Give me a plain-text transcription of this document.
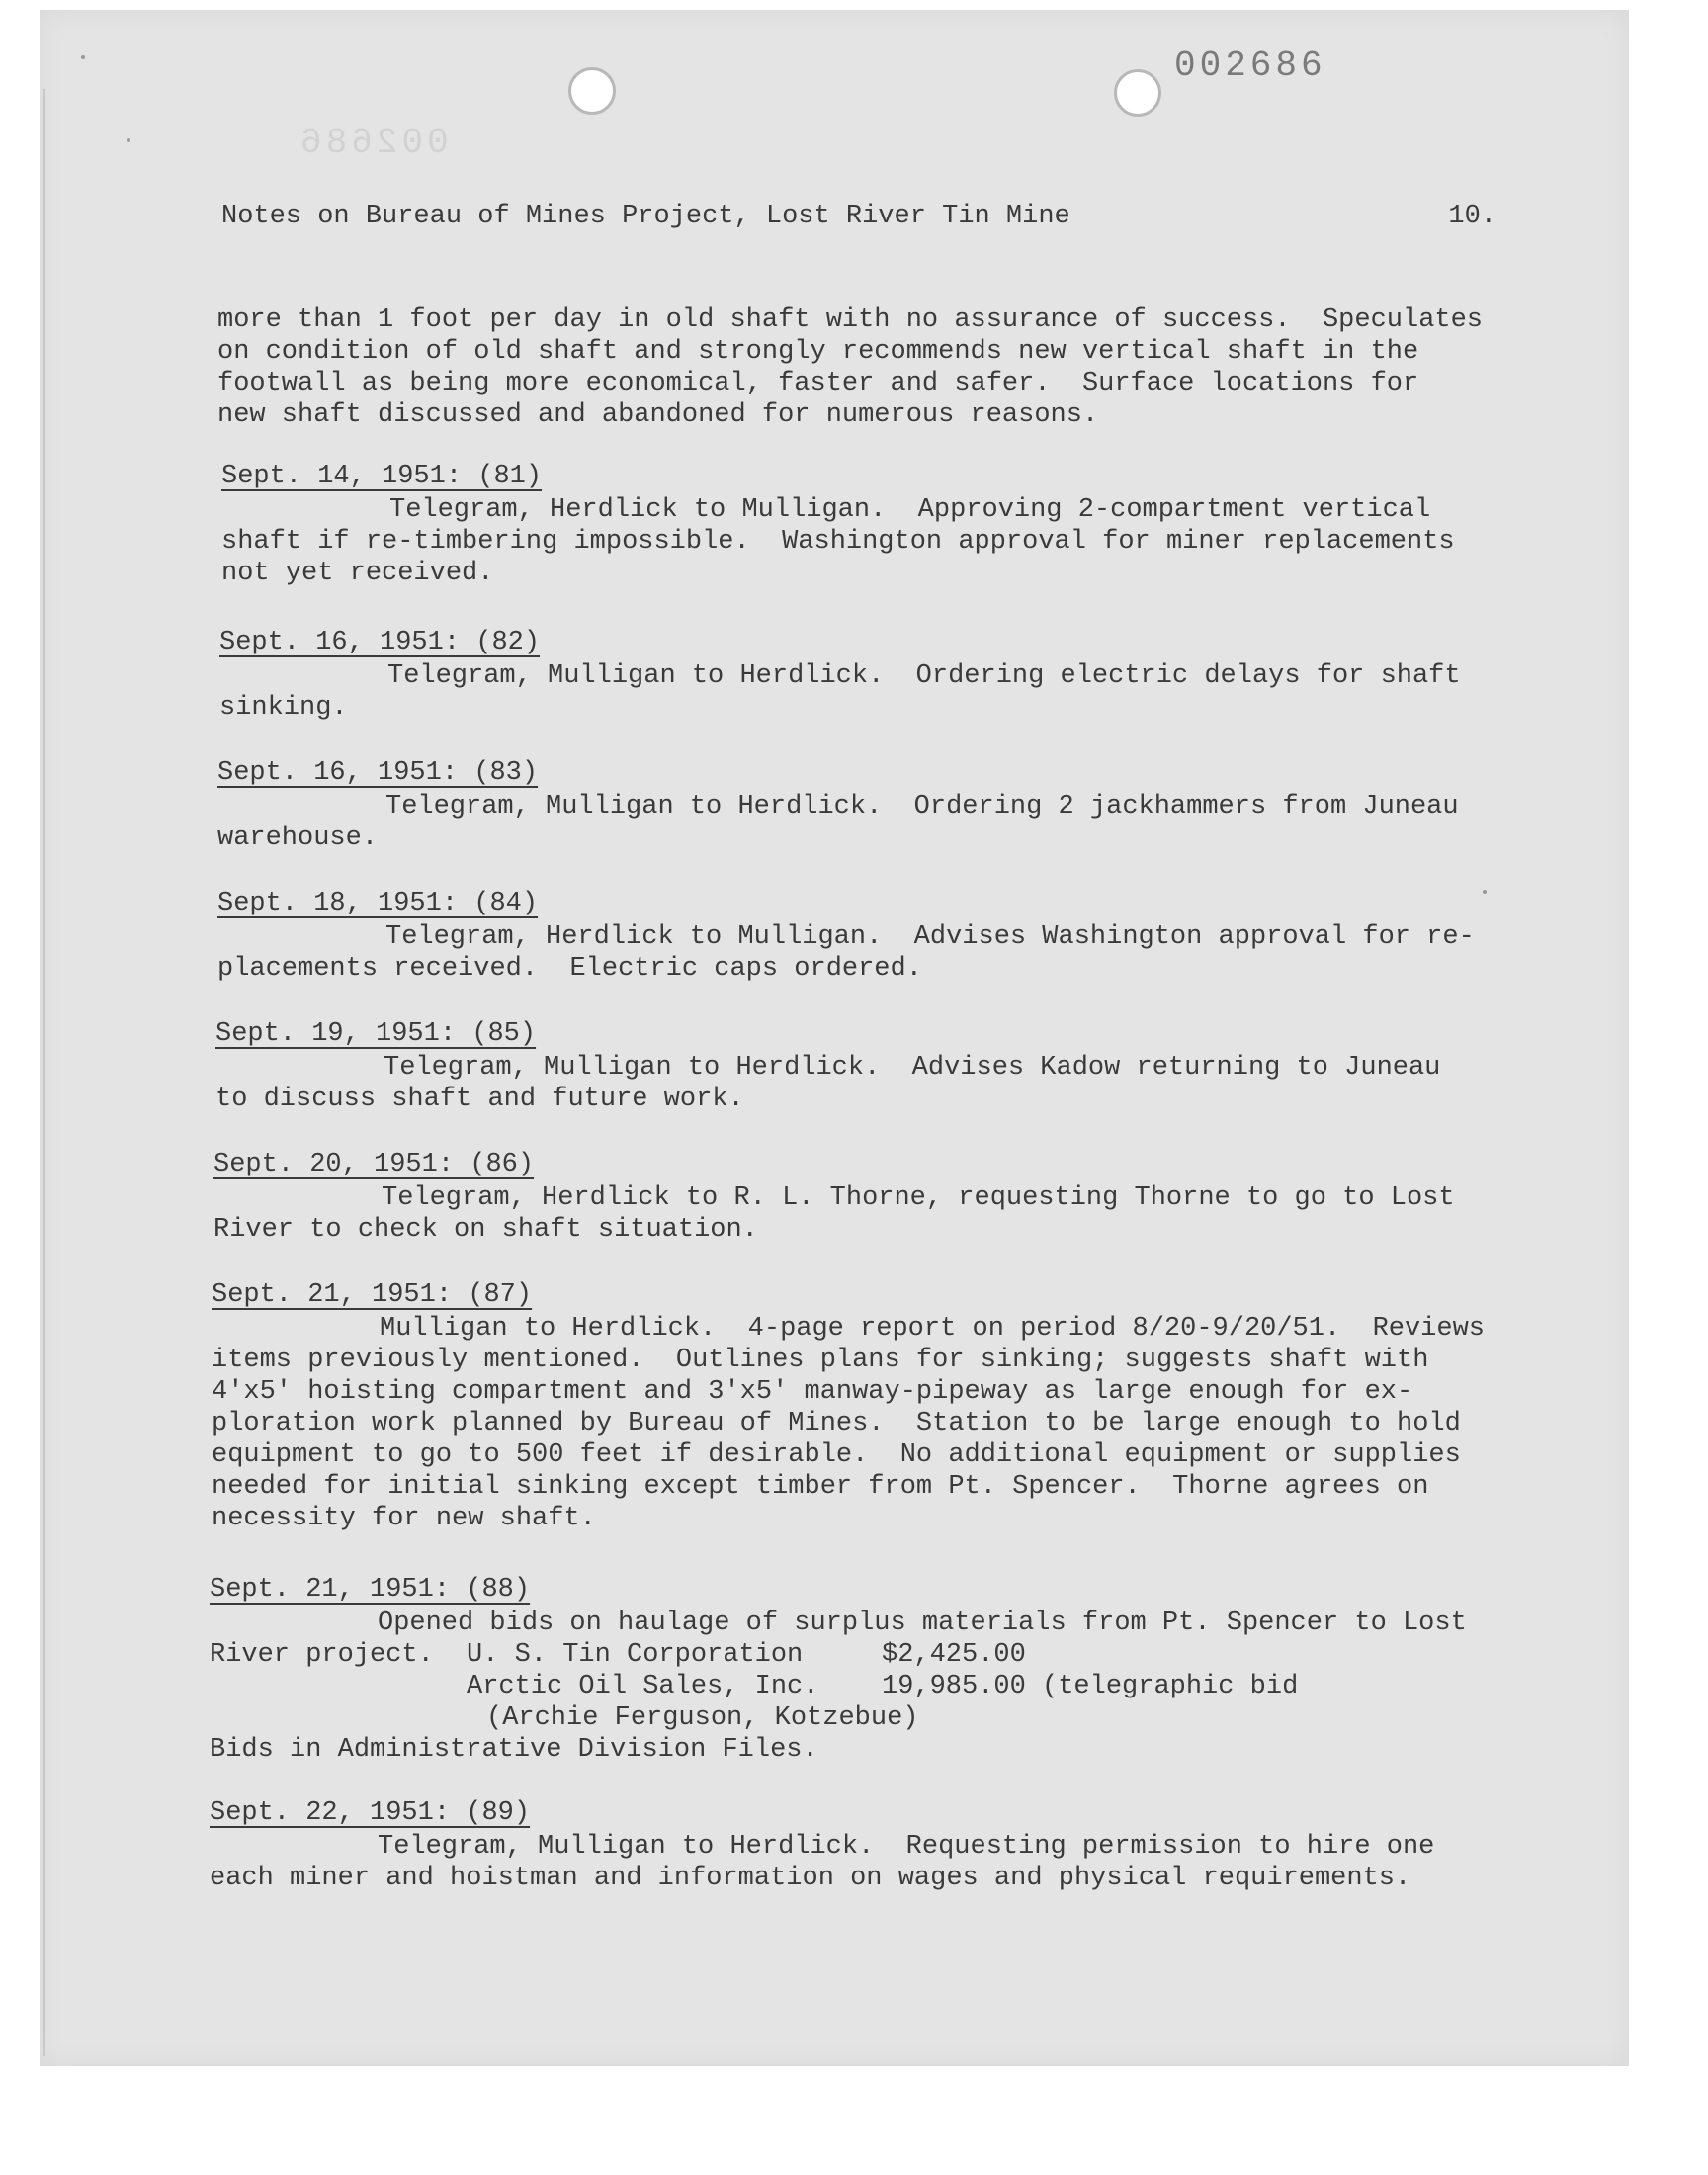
002686
002686
Notes on Bureau of Mines Project, Lost River Tin Mine	10.
more than 1 foot per day in old shaft with no assurance of success.  Speculates
on condition of old shaft and strongly recommends new vertical shaft in the
footwall as being more economical, faster and safer.  Surface locations for
new shaft discussed and abandoned for numerous reasons.
Sept. 14, 1951: (81)
Telegram, Herdlick to Mulligan.  Approving 2-compartment vertical
shaft if re-timbering impossible.  Washington approval for miner replacements
not yet received.
Sept. 16, 1951: (82)
Telegram, Mulligan to Herdlick.  Ordering electric delays for shaft
sinking.
Sept. 16, 1951: (83)
Telegram, Mulligan to Herdlick.  Ordering 2 jackhammers from Juneau
warehouse.
Sept. 18, 1951: (84)
Telegram, Herdlick to Mulligan.  Advises Washington approval for re-
placements received.  Electric caps ordered.
Sept. 19, 1951: (85)
Telegram, Mulligan to Herdlick.  Advises Kadow returning to Juneau
to discuss shaft and future work.
Sept. 20, 1951: (86)
Telegram, Herdlick to R. L. Thorne, requesting Thorne to go to Lost
River to check on shaft situation.
Sept. 21, 1951: (87)
Mulligan to Herdlick.  4-page report on period 8/20-9/20/51.  Reviews
items previously mentioned.  Outlines plans for sinking; suggests shaft with
4'x5' hoisting compartment and 3'x5' manway-pipeway as large enough for ex-
ploration work planned by Bureau of Mines.  Station to be large enough to hold
equipment to go to 500 feet if desirable.  No additional equipment or supplies
needed for initial sinking except timber from Pt. Spencer.  Thorne agrees on
necessity for new shaft.
Sept. 21, 1951: (88)
Opened bids on haulage of surplus materials from Pt. Spencer to Lost
River project.	U. S. Tin Corporation	$2,425.00
Arctic Oil Sales, Inc.	19,985.00 (telegraphic bid
(Archie Ferguson, Kotzebue)
Bids in Administrative Division Files.
Sept. 22, 1951: (89)
Telegram, Mulligan to Herdlick.  Requesting permission to hire one
each miner and hoistman and information on wages and physical requirements.
